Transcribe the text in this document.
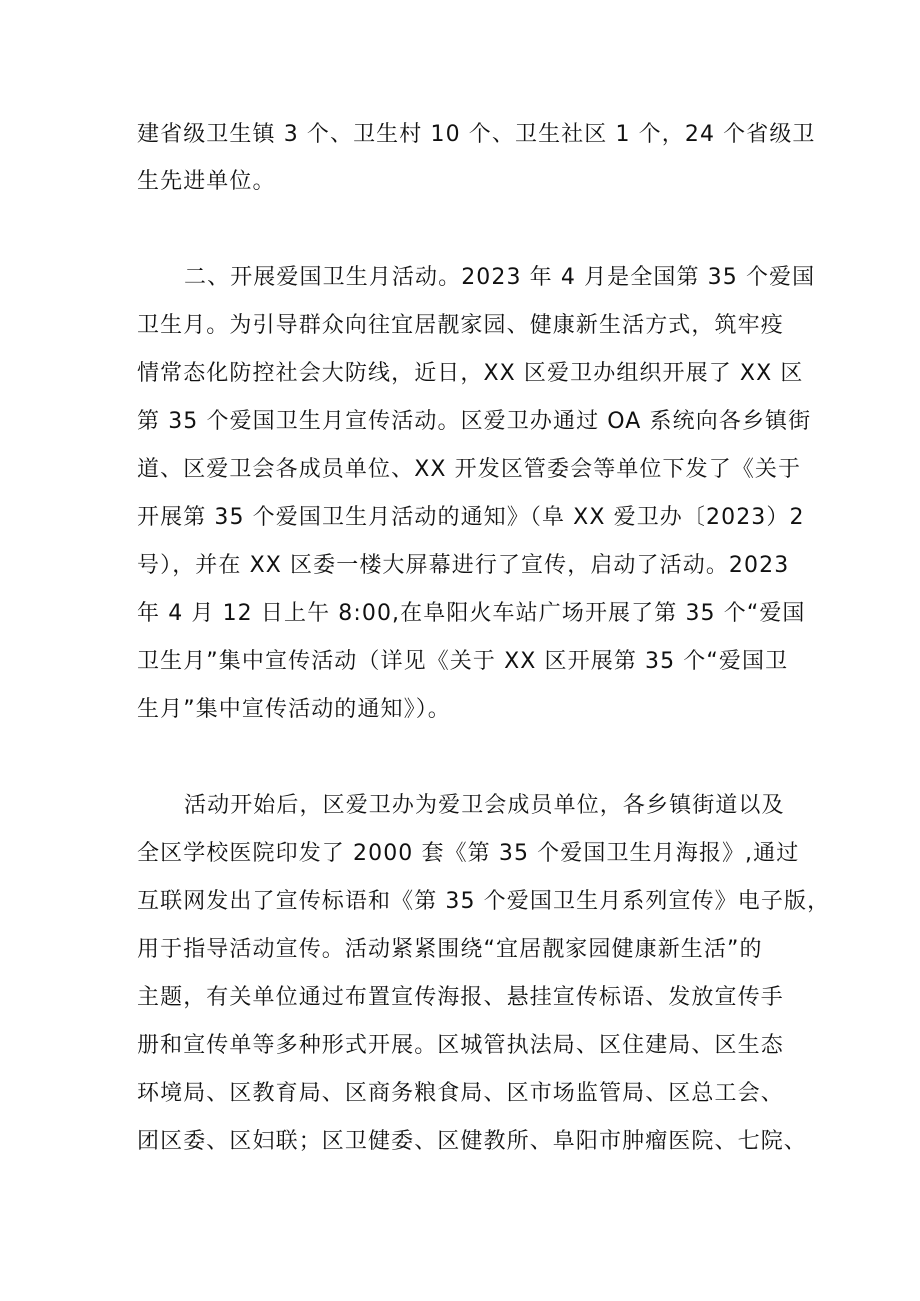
建省级卫生镇 3 个、卫生村 10 个、卫生社区 1 个，24 个省级卫
生先进单位。
二、开展爱国卫生月活动。2023 年 4 月是全国第 35 个爱国
卫生月。为引导群众向往宜居靓家园、健康新生活方式，筑牢疫
情常态化防控社会大防线，近日，XX 区爱卫办组织开展了 XX 区
第 35 个爱国卫生月宣传活动。区爱卫办通过 OA 系统向各乡镇街
道、区爱卫会各成员单位、XX 开发区管委会等单位下发了《关于
开展第 35 个爱国卫生月活动的通知》（阜 XX 爱卫办〔2023）2
号），并在 XX 区委一楼大屏幕进行了宣传，启动了活动。2023
年 4 月 12 日上午 8:00,在阜阳火车站广场开展了第 35 个“爱国
卫生月”集中宣传活动（详见《关于 XX 区开展第 35 个“爱国卫
生月”集中宣传活动的通知》）。
活动开始后，区爱卫办为爱卫会成员单位，各乡镇街道以及
全区学校医院印发了 2000 套《第 35 个爱国卫生月海报》,通过
互联网发出了宣传标语和《第 35 个爱国卫生月系列宣传》电子版，
用于指导活动宣传。活动紧紧围绕“宜居靓家园健康新生活”的
主题，有关单位通过布置宣传海报、悬挂宣传标语、发放宣传手
册和宣传单等多种形式开展。区城管执法局、区住建局、区生态
环境局、区教育局、区商务粮食局、区市场监管局、区总工会、
团区委、区妇联；区卫健委、区健教所、阜阳市肿瘤医院、七院、
